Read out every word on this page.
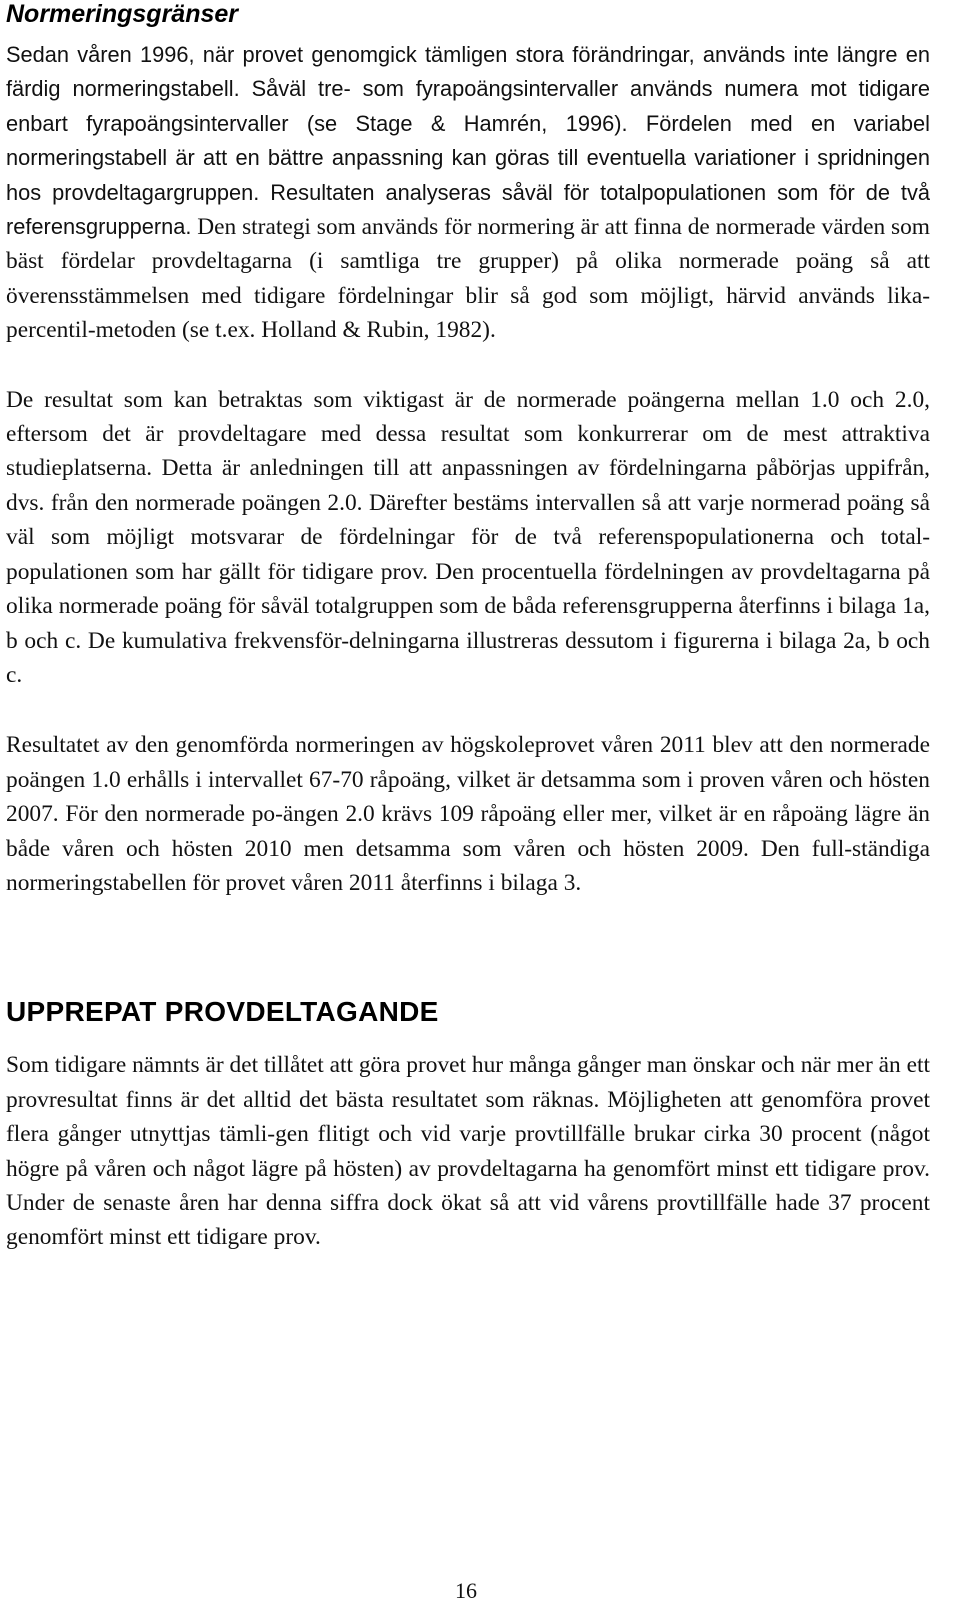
Normeringsgränser

Sedan våren 1996, när provet genomgick tämligen stora förändringar, används inte längre en färdig normeringstabell. Såväl tre- som fyrapoängsintervaller används numera mot tidigare enbart fyrapoängsintervaller (se Stage & Hamrén, 1996). Fördelen med en variabel normeringstabell är att en bättre anpassning kan göras till eventuella variationer i spridningen hos provdeltagargruppen. Resultaten analyseras såväl för totalpopulationen som för de två referensgrupperna. Den strategi som används för normering är att finna de normerade värden som bäst fördelar provdeltagarna (i samtliga tre grupper) på olika normerade poäng så att överensstämmelsen med tidigare fördelningar blir så god som möjligt, härvid används lika-percentil-metoden (se t.ex. Holland & Rubin, 1982).

De resultat som kan betraktas som viktigast är de normerade poängerna mellan 1.0 och 2.0, eftersom det är provdeltagare med dessa resultat som konkurrerar om de mest attraktiva studieplatserna. Detta är anledningen till att anpassningen av fördelningarna påbörjas uppifrån, dvs. från den normerade poängen 2.0. Därefter bestäms intervallen så att varje normerad poäng så väl som möjligt motsvarar de fördelningar för de två referenspopulationerna och total-populationen som har gällt för tidigare prov. Den procentuella fördelningen av provdeltagarna på olika normerade poäng för såväl totalgruppen som de båda referensgrupperna återfinns i bilaga 1a, b och c. De kumulativa frekvensför-delningarna illustreras dessutom i figurerna i bilaga 2a, b och c.

Resultatet av den genomförda normeringen av högskoleprovet våren 2011 blev att den normerade poängen 1.0 erhålls i intervallet 67-70 råpoäng, vilket är detsamma som i proven våren och hösten 2007. För den normerade po-ängen 2.0 krävs 109 råpoäng eller mer, vilket är en råpoäng lägre än både våren och hösten 2010 men detsamma som våren och hösten 2009. Den full-ständiga normeringstabellen för provet våren 2011 återfinns i bilaga 3.

UPPREPAT PROVDELTAGANDE

Som tidigare nämnts är det tillåtet att göra provet hur många gånger man önskar och när mer än ett provresultat finns är det alltid det bästa resultatet som räknas. Möjligheten att genomföra provet flera gånger utnyttjas tämli-gen flitigt och vid varje provtillfälle brukar cirka 30 procent (något högre på våren och något lägre på hösten) av provdeltagarna ha genomfört minst ett tidigare prov. Under de senaste åren har denna siffra dock ökat så att vid vårens provtillfälle hade 37 procent genomfört minst ett tidigare prov.

16
